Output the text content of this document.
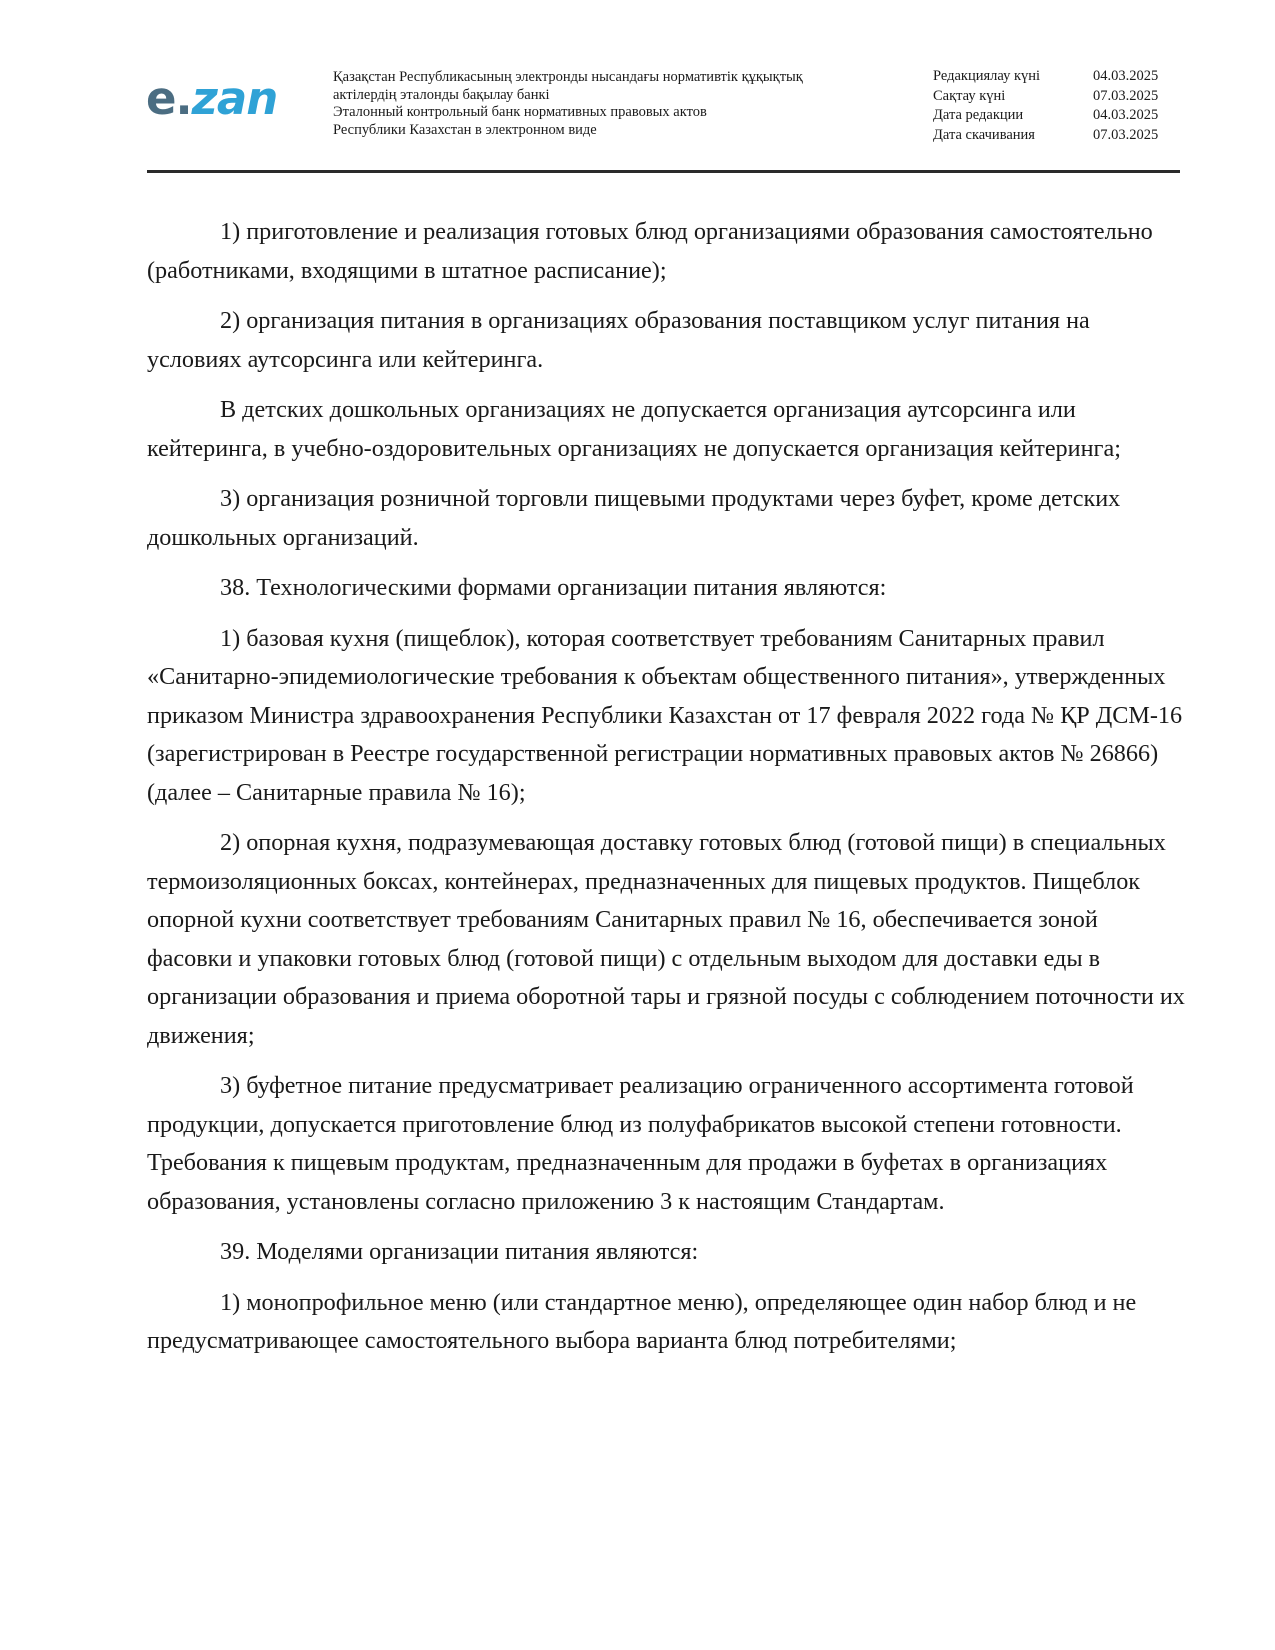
e.zan	Қазақстан Республикасының электронды нысандағы нормативтік құқықтық
актілердің эталонды бақылау банкі
Эталонный контрольный банк нормативных правовых актов
Республики Казахстан в электронном виде
Редакциялау күні	04.03.2025
Сақтау күні	07.03.2025
Дата редакции	04.03.2025
Дата скачивания	07.03.2025

1) приготовление и реализация готовых блюд организациями образования самостоятельно (работниками, входящими в штатное расписание);

2) организация питания в организациях образования поставщиком услуг питания на условиях аутсорсинга или кейтеринга.

В детских дошкольных организациях не допускается организация аутсорсинга или кейтеринга, в учебно-оздоровительных организациях не допускается организация кейтеринга;

3) организация розничной торговли пищевыми продуктами через буфет, кроме детских дошкольных организаций.

38. Технологическими формами организации питания являются:

1) базовая кухня (пищеблок), которая соответствует требованиям Санитарных правил «Санитарно-эпидемиологические требования к объектам общественного питания», утвержденных приказом Министра здравоохранения Республики Казахстан от 17 февраля 2022 года № ҚР ДСМ-16 (зарегистрирован в Реестре государственной регистрации нормативных правовых актов № 26866) (далее – Санитарные правила № 16);

2) опорная кухня, подразумевающая доставку готовых блюд (готовой пищи) в специальных термоизоляционных боксах, контейнерах, предназначенных для пищевых продуктов. Пищеблок опорной кухни соответствует требованиям Санитарных правил № 16, обеспечивается зоной фасовки и упаковки готовых блюд (готовой пищи) с отдельным выходом для доставки еды в организации образования и приема оборотной тары и грязной посуды с соблюдением поточности их движения;

3) буфетное питание предусматривает реализацию ограниченного ассортимента готовой продукции, допускается приготовление блюд из полуфабрикатов высокой степени готовности. Требования к пищевым продуктам, предназначенным для продажи в буфетах в организациях образования, установлены согласно приложению 3 к настоящим Стандартам.

39. Моделями организации питания являются:

1) монопрофильное меню (или стандартное меню), определяющее один набор блюд и не предусматривающее самостоятельного выбора варианта блюд потребителями;
